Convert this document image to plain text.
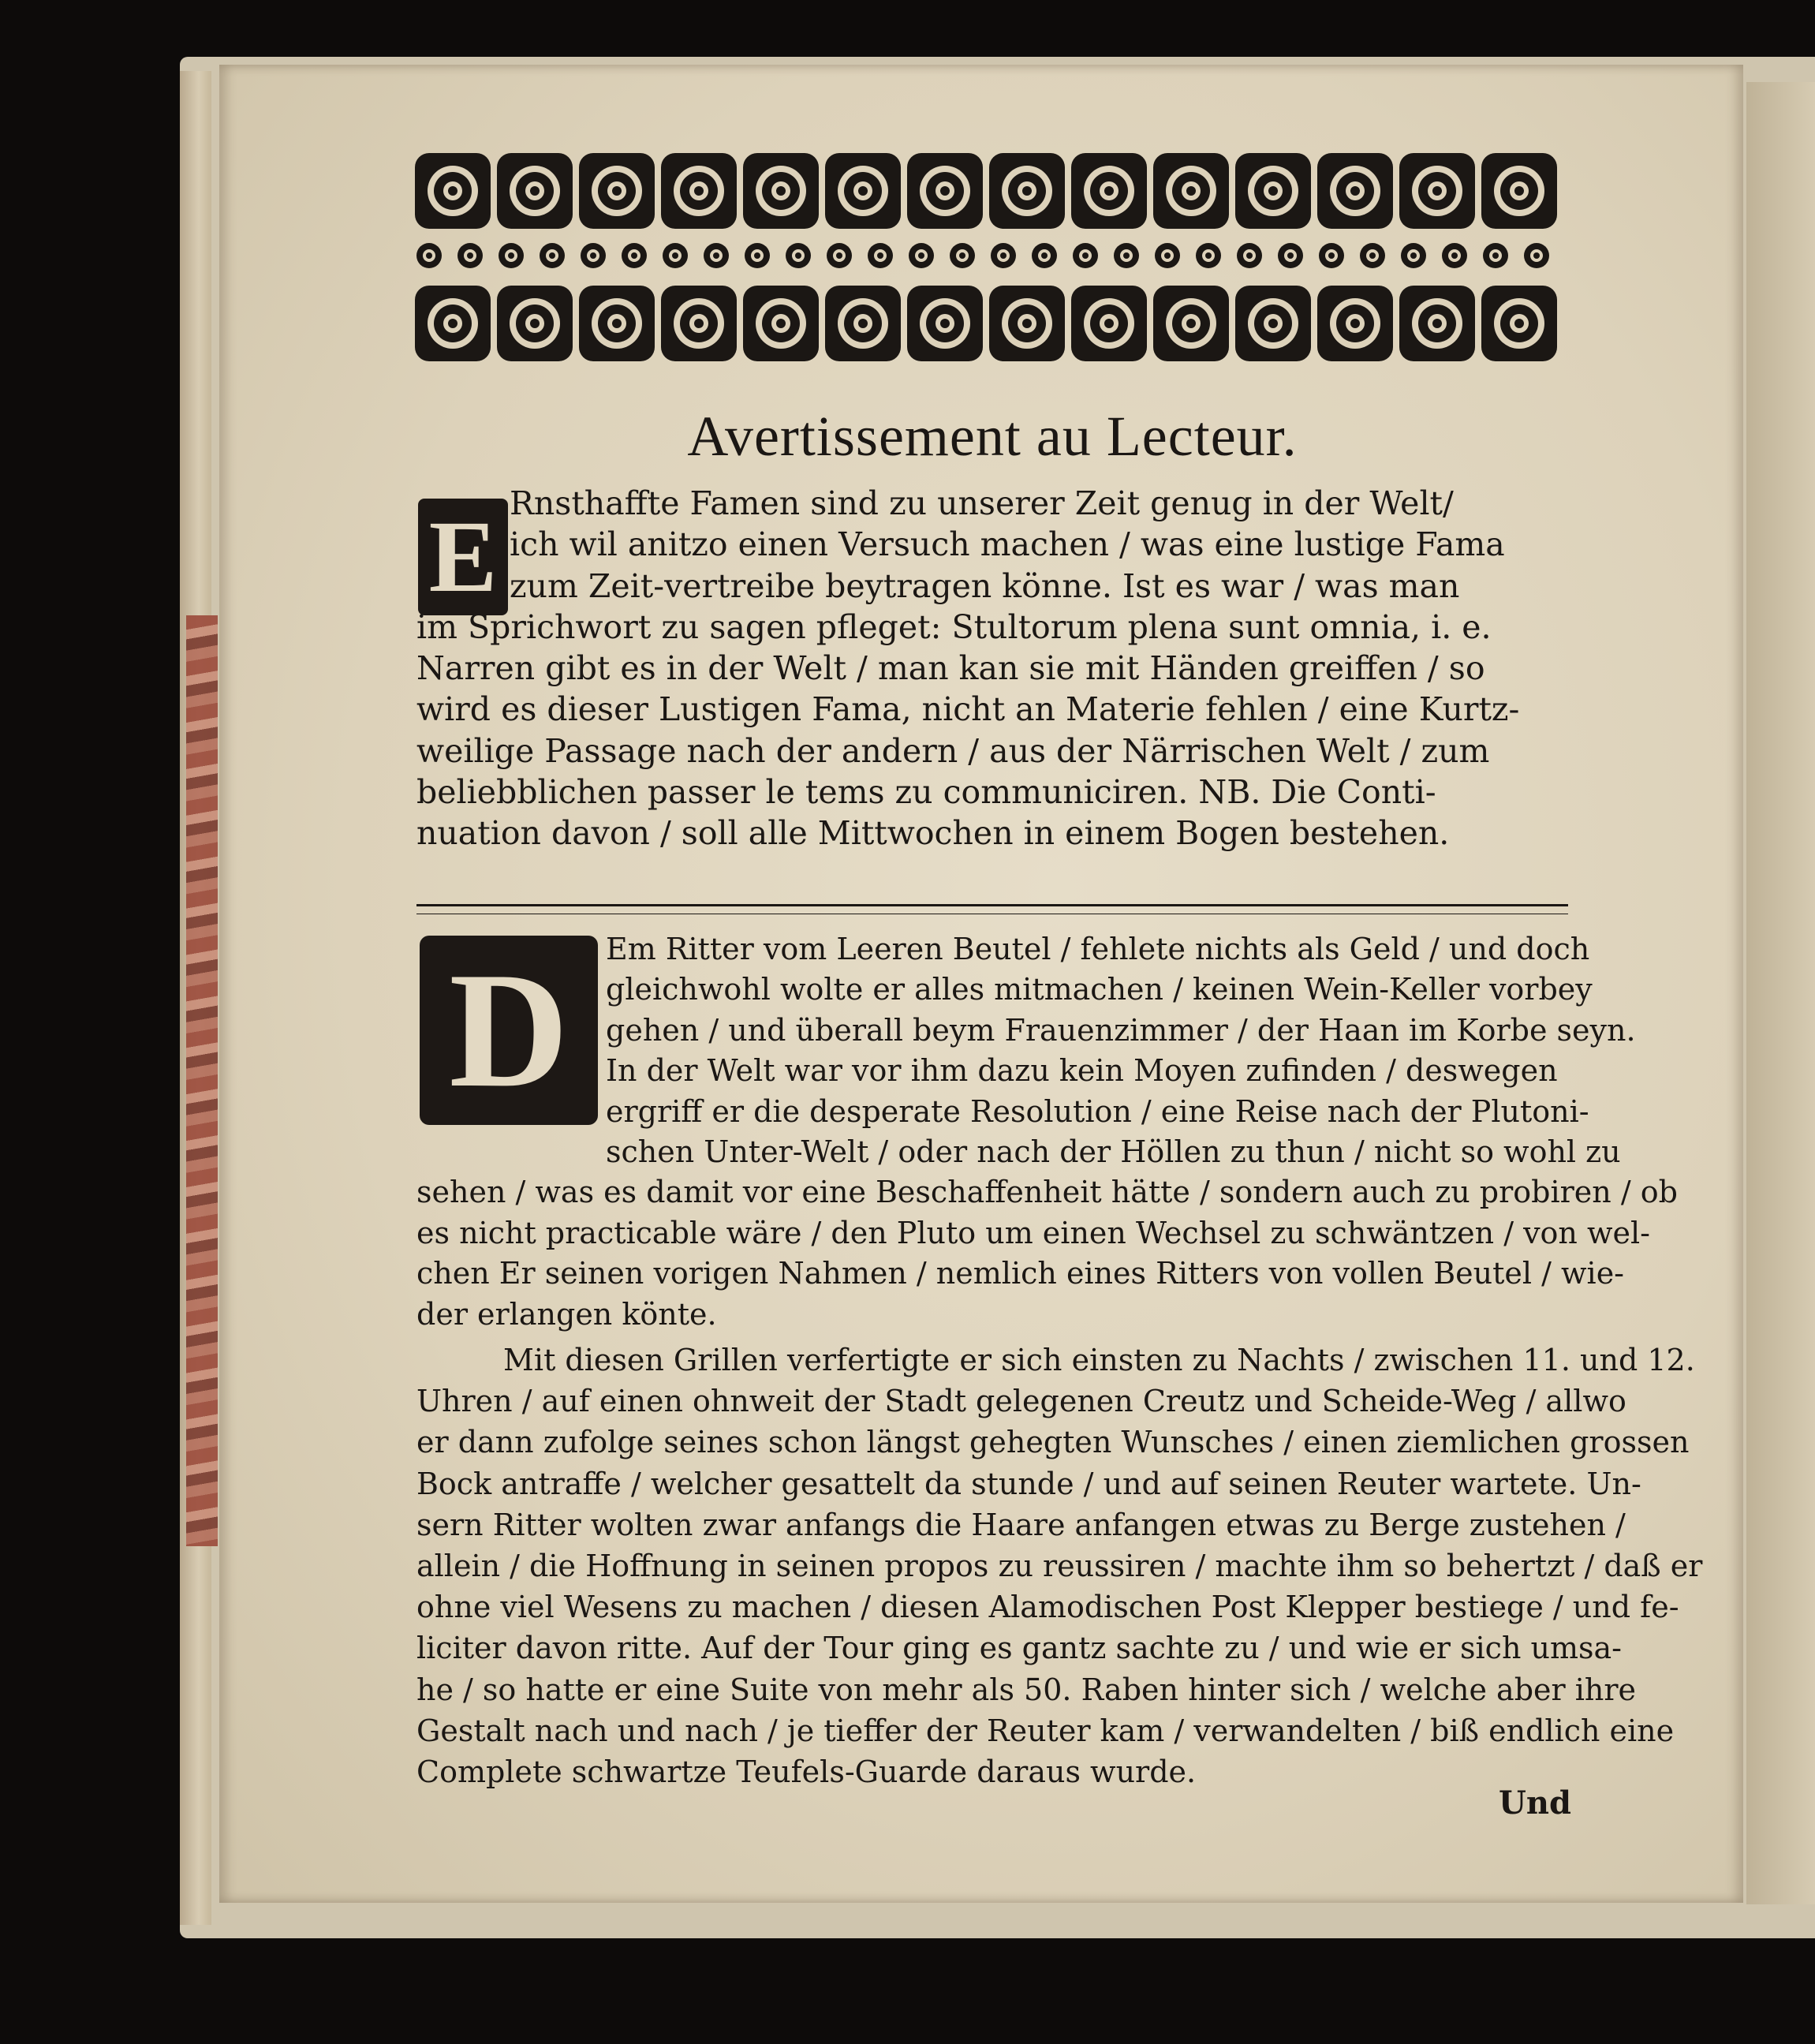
Avertissement au Lecteur.
E Rnsthaffte Famen sind zu unserer Zeit genug in der Welt/
ich wil anitzo einen Versuch machen / was eine lustige Fama
zum Zeit-vertreibe beytragen könne. Ist es war / was man
im Sprichwort zu sagen pfleget: Stultorum plena sunt omnia, i. e.
Narren gibt es in der Welt / man kan sie mit Händen greiffen / so
wird es dieser Lustigen Fama, nicht an Materie fehlen / eine Kurtz-
weilige Passage nach der andern / aus der Närrischen Welt / zum
beliebblichen passer le tems zu communiciren. NB. Die Conti-
nuation davon / soll alle Mittwochen in einem Bogen bestehen.
D	Em Ritter vom Leeren Beutel / fehlete nichts als Geld / und doch
gleichwohl wolte er alles mitmachen / keinen Wein-Keller vorbey
gehen / und überall beym Frauenzimmer / der Haan im Korbe seyn.
In der Welt war vor ihm dazu kein Moyen zufinden / deswegen
ergriff er die desperate Resolution / eine Reise nach der Plutoni-
schen Unter-Welt / oder nach der Höllen zu thun / nicht so wohl zu
sehen / was es damit vor eine Beschaffenheit hätte / sondern auch zu probiren / ob
es nicht practicable wäre / den Pluto um einen Wechsel zu schwäntzen / von wel-
chen Er seinen vorigen Nahmen / nemlich eines Ritters von vollen Beutel / wie-
der erlangen könte.
Mit diesen Grillen verfertigte er sich einsten zu Nachts / zwischen 11. und 12.
Uhren / auf einen ohnweit der Stadt gelegenen Creutz und Scheide-Weg / allwo
er dann zufolge seines schon längst gehegten Wunsches / einen ziemlichen grossen
Bock antraffe / welcher gesattelt da stunde / und auf seinen Reuter wartete. Un-
sern Ritter wolten zwar anfangs die Haare anfangen etwas zu Berge zustehen /
allein / die Hoffnung in seinen propos zu reussiren / machte ihm so behertzt / daß er
ohne viel Wesens zu machen / diesen Alamodischen Post Klepper bestiege / und fe-
liciter davon ritte. Auf der Tour ging es gantz sachte zu / und wie er sich umsa-
he / so hatte er eine Suite von mehr als 50. Raben hinter sich / welche aber ihre
Gestalt nach und nach / je tieffer der Reuter kam / verwandelten / biß endlich eine
Complete schwartze Teufels-Guarde daraus wurde.
Und
